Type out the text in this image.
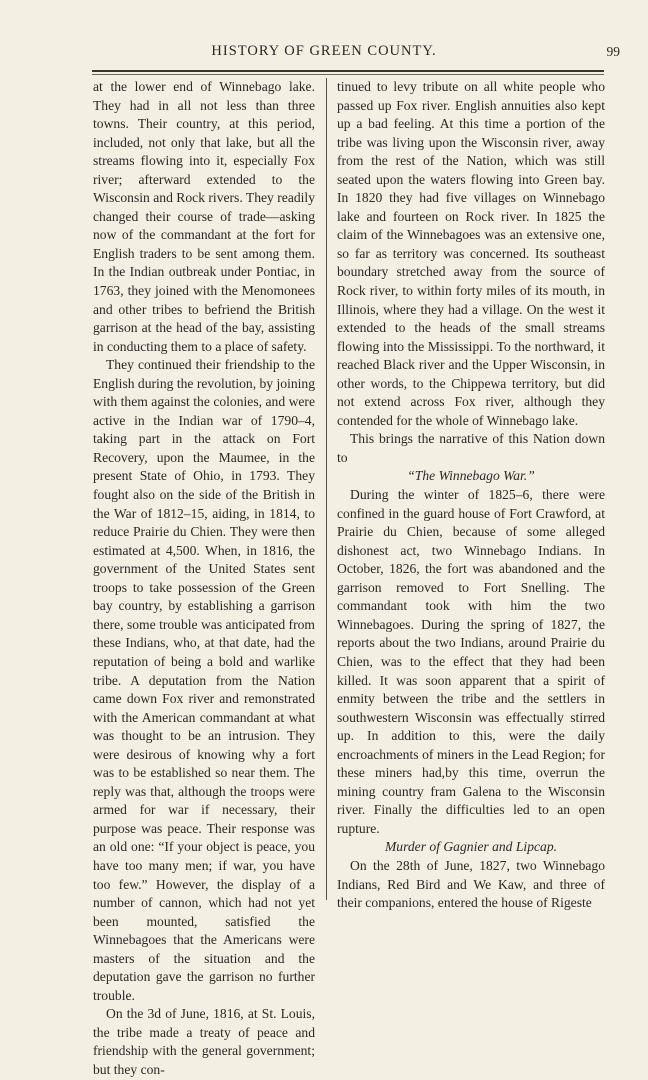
HISTORY OF GREEN COUNTY.	99

at the lower end of Winnebago lake. They had in all not less than three towns. Their country, at this period, included, not only that lake, but all the streams flowing into it, especially Fox river; afterward extended to the Wisconsin and Rock rivers. They readily changed their course of trade—asking now of the commandant at the fort for English traders to be sent among them. In the Indian outbreak under Pontiac, in 1763, they joined with the Menomonees and other tribes to befriend the British garrison at the head of the bay, assisting in conducting them to a place of safety.

They continued their friendship to the English during the revolution, by joining with them against the colonies, and were active in the Indian war of 1790–4, taking part in the attack on Fort Recovery, upon the Maumee, in the present State of Ohio, in 1793. They fought also on the side of the British in the War of 1812–15, aiding, in 1814, to reduce Prairie du Chien. They were then estimated at 4,500. When, in 1816, the government of the United States sent troops to take possession of the Green bay country, by establishing a garrison there, some trouble was anticipated from these Indians, who, at that date, had the reputation of being a bold and warlike tribe. A deputation from the Nation came down Fox river and remonstrated with the American commandant at what was thought to be an intrusion. They were desirous of knowing why a fort was to be established so near them. The reply was that, although the troops were armed for war if necessary, their purpose was peace. Their response was an old one: “If your object is peace, you have too many men; if war, you have too few.” However, the display of a number of cannon, which had not yet been mounted, satisfied the Winnebagoes that the Americans were masters of the situation and the deputation gave the garrison no further trouble.

On the 3d of June, 1816, at St. Louis, the tribe made a treaty of peace and friendship with the general government; but they con-

tinued to levy tribute on all white people who passed up Fox river. English annuities also kept up a bad feeling. At this time a portion of the tribe was living upon the Wisconsin river, away from the rest of the Nation, which was still seated upon the waters flowing into Green bay. In 1820 they had five villages on Winnebago lake and fourteen on Rock river. In 1825 the claim of the Winnebagoes was an extensive one, so far as territory was concerned. Its southeast boundary stretched away from the source of Rock river, to within forty miles of its mouth, in Illinois, where they had a village. On the west it extended to the heads of the small streams flowing into the Mississippi. To the northward, it reached Black river and the Upper Wisconsin, in other words, to the Chippewa territory, but did not extend across Fox river, although they contended for the whole of Winnebago lake.

This brings the narrative of this Nation down to

“The Winnebago War.”

During the winter of 1825–6, there were confined in the guard house of Fort Crawford, at Prairie du Chien, because of some alleged dishonest act, two Winnebago Indians. In October, 1826, the fort was abandoned and the garrison removed to Fort Snelling. The commandant took with him the two Winnebagoes. During the spring of 1827, the reports about the two Indians, around Prairie du Chien, was to the effect that they had been killed. It was soon apparent that a spirit of enmity between the tribe and the settlers in southwestern Wisconsin was effectually stirred up. In addition to this, were the daily encroachments of miners in the Lead Region; for these miners had,by this time, overrun the mining country fram Galena to the Wisconsin river. Finally the difficulties led to an open rupture.

Murder of Gagnier and Lipcap.

On the 28th of June, 1827, two Winnebago Indians, Red Bird and We Kaw, and three of their companions, entered the house of Rigeste
